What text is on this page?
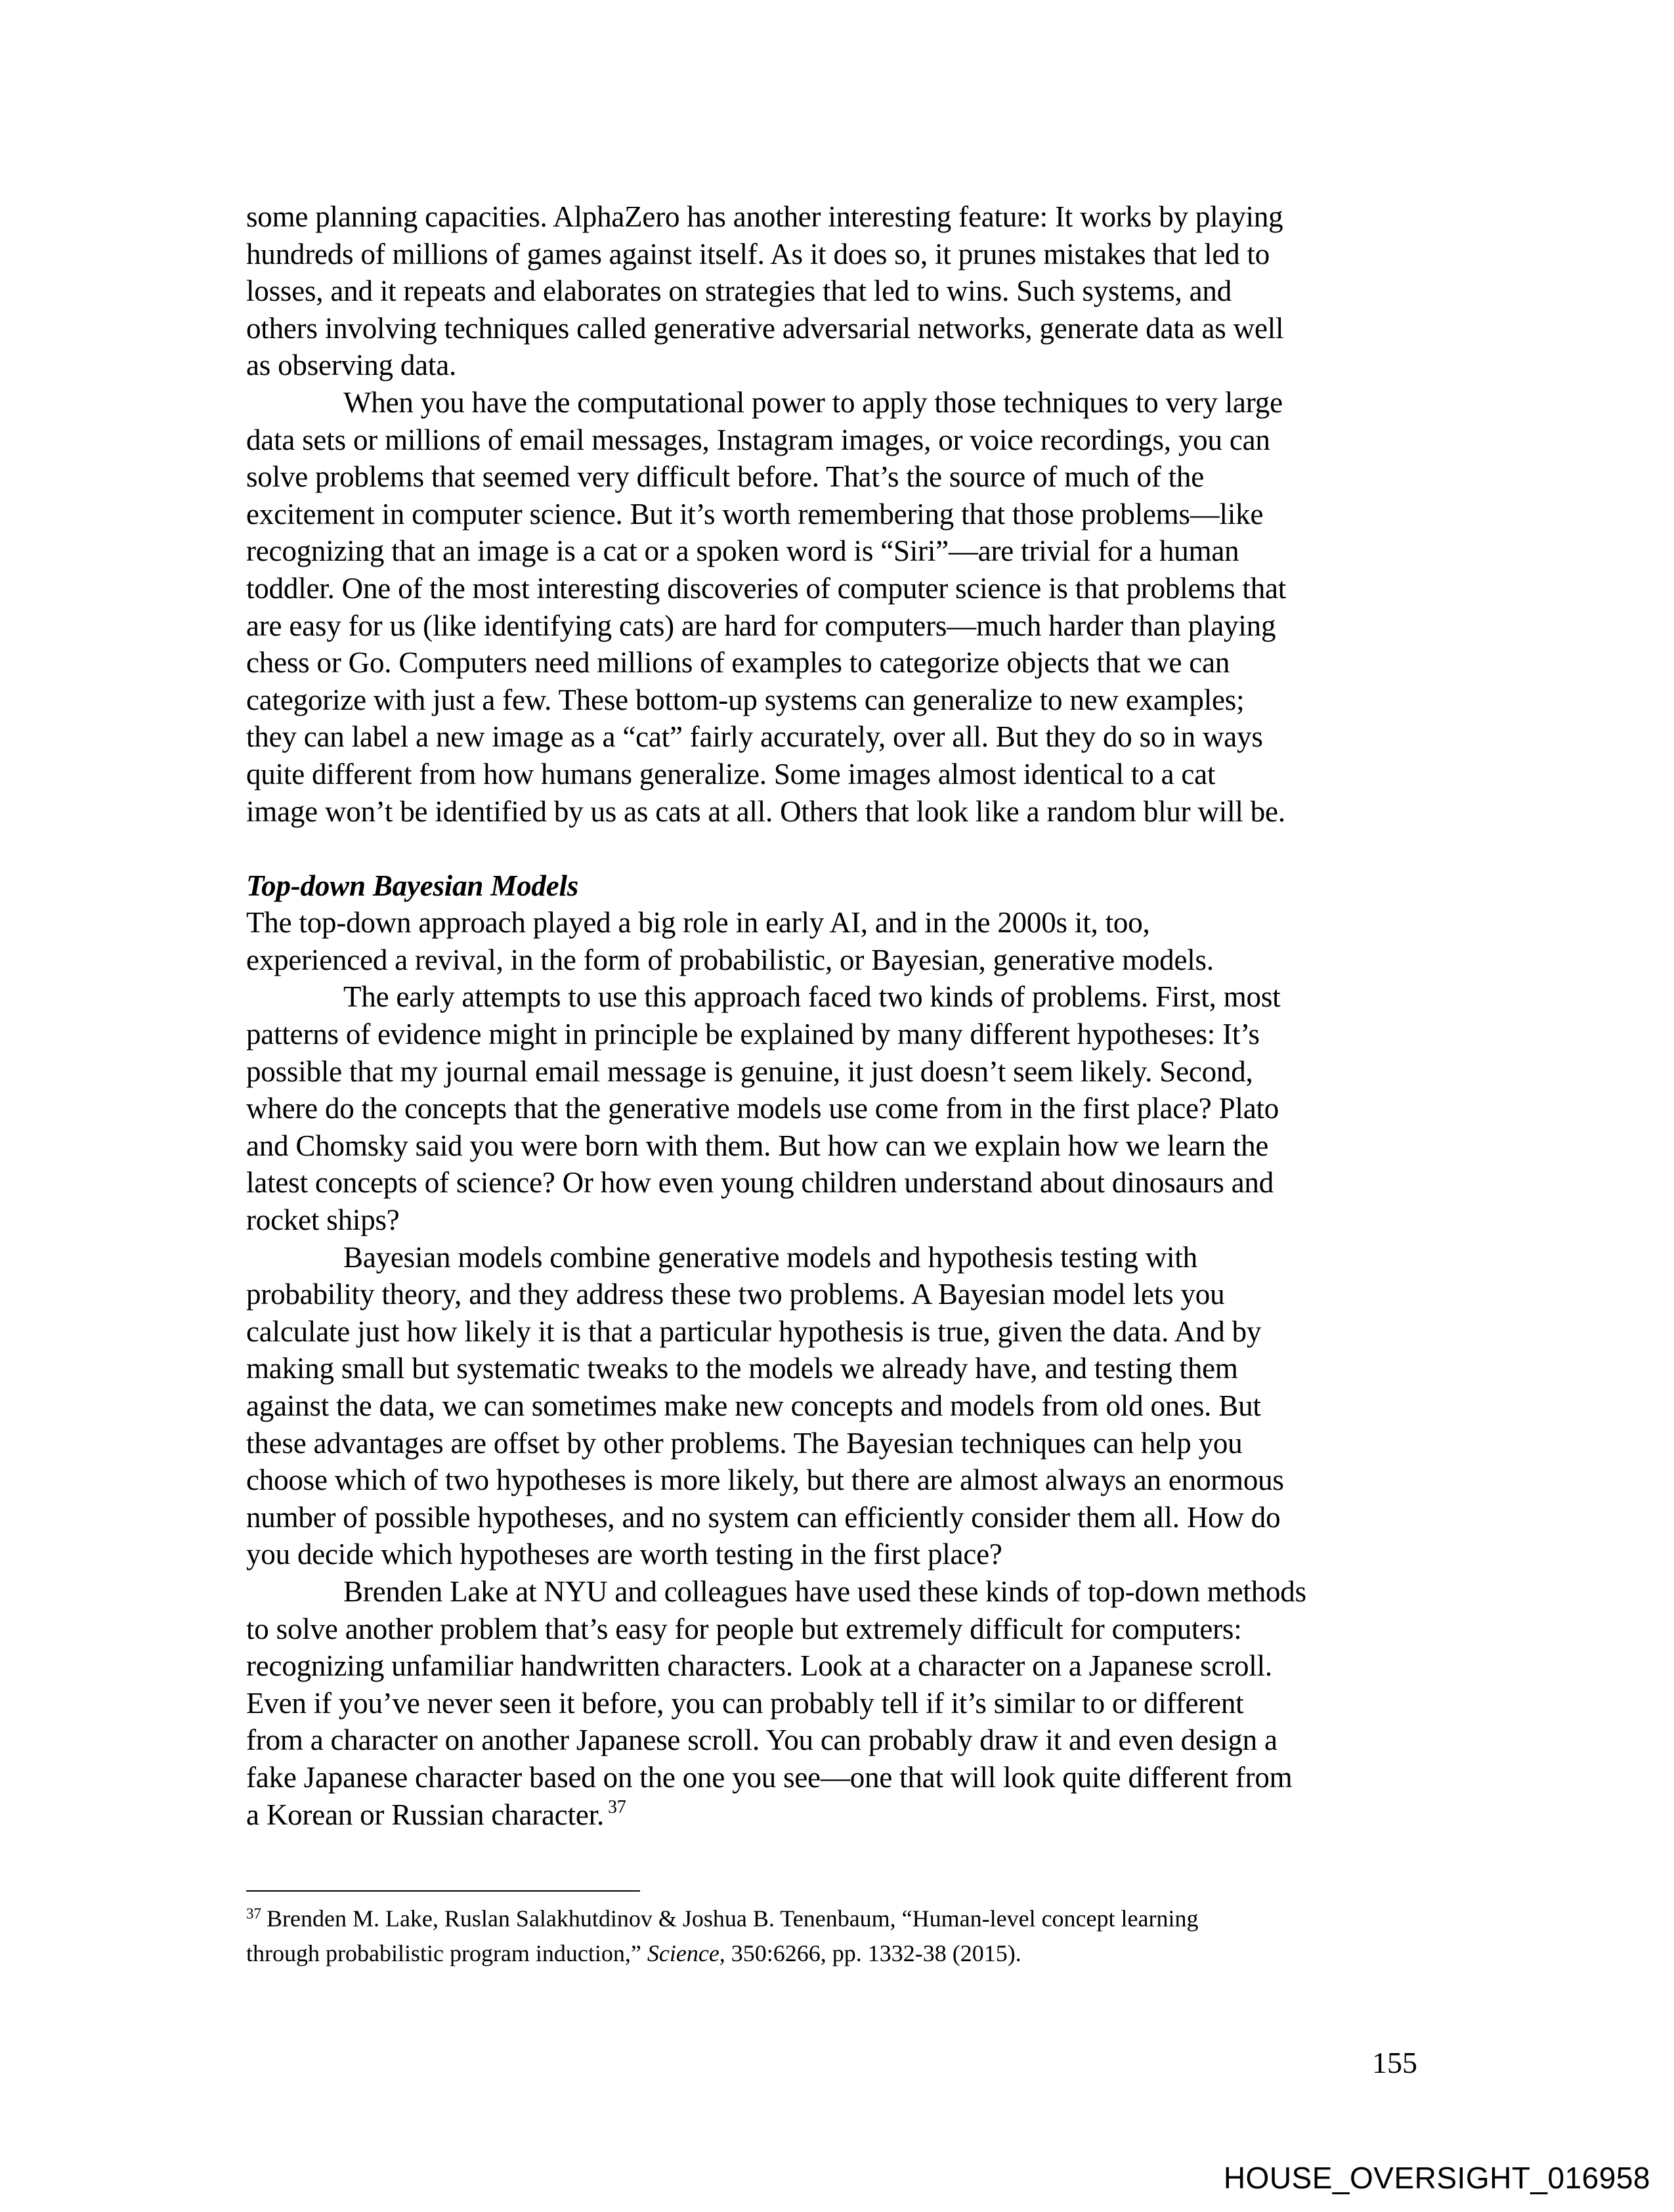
some planning capacities. AlphaZero has another interesting feature: It works by playing
hundreds of millions of games against itself. As it does so, it prunes mistakes that led to
losses, and it repeats and elaborates on strategies that led to wins. Such systems, and
others involving techniques called generative adversarial networks, generate data as well
as observing data.
When you have the computational power to apply those techniques to very large
data sets or millions of email messages, Instagram images, or voice recordings, you can
solve problems that seemed very difficult before. That’s the source of much of the
excitement in computer science. But it’s worth remembering that those problems—like
recognizing that an image is a cat or a spoken word is “Siri”—are trivial for a human
toddler. One of the most interesting discoveries of computer science is that problems that
are easy for us (like identifying cats) are hard for computers—much harder than playing
chess or Go. Computers need millions of examples to categorize objects that we can
categorize with just a few. These bottom-up systems can generalize to new examples;
they can label a new image as a “cat” fairly accurately, over all. But they do so in ways
quite different from how humans generalize. Some images almost identical to a cat
image won’t be identified by us as cats at all. Others that look like a random blur will be.
Top-down Bayesian Models
The top-down approach played a big role in early AI, and in the 2000s it, too,
experienced a revival, in the form of probabilistic, or Bayesian, generative models.
The early attempts to use this approach faced two kinds of problems. First, most
patterns of evidence might in principle be explained by many different hypotheses: It’s
possible that my journal email message is genuine, it just doesn’t seem likely. Second,
where do the concepts that the generative models use come from in the first place? Plato
and Chomsky said you were born with them. But how can we explain how we learn the
latest concepts of science? Or how even young children understand about dinosaurs and
rocket ships?
Bayesian models combine generative models and hypothesis testing with
probability theory, and they address these two problems. A Bayesian model lets you
calculate just how likely it is that a particular hypothesis is true, given the data. And by
making small but systematic tweaks to the models we already have, and testing them
against the data, we can sometimes make new concepts and models from old ones. But
these advantages are offset by other problems. The Bayesian techniques can help you
choose which of two hypotheses is more likely, but there are almost always an enormous
number of possible hypotheses, and no system can efficiently consider them all. How do
you decide which hypotheses are worth testing in the first place?
Brenden Lake at NYU and colleagues have used these kinds of top-down methods
to solve another problem that’s easy for people but extremely difficult for computers:
recognizing unfamiliar handwritten characters. Look at a character on a Japanese scroll.
Even if you’ve never seen it before, you can probably tell if it’s similar to or different
from a character on another Japanese scroll. You can probably draw it and even design a
fake Japanese character based on the one you see—one that will look quite different from
a Korean or Russian character. $^{37}$
$^{37}$ Brenden M. Lake, Ruslan Salakhutdinov & Joshua B. Tenenbaum, “Human-level concept learning
through probabilistic program induction,” Science, 350:6266, pp. 1332-38 (2015).
155
HOUSE_OVERSIGHT_016958
